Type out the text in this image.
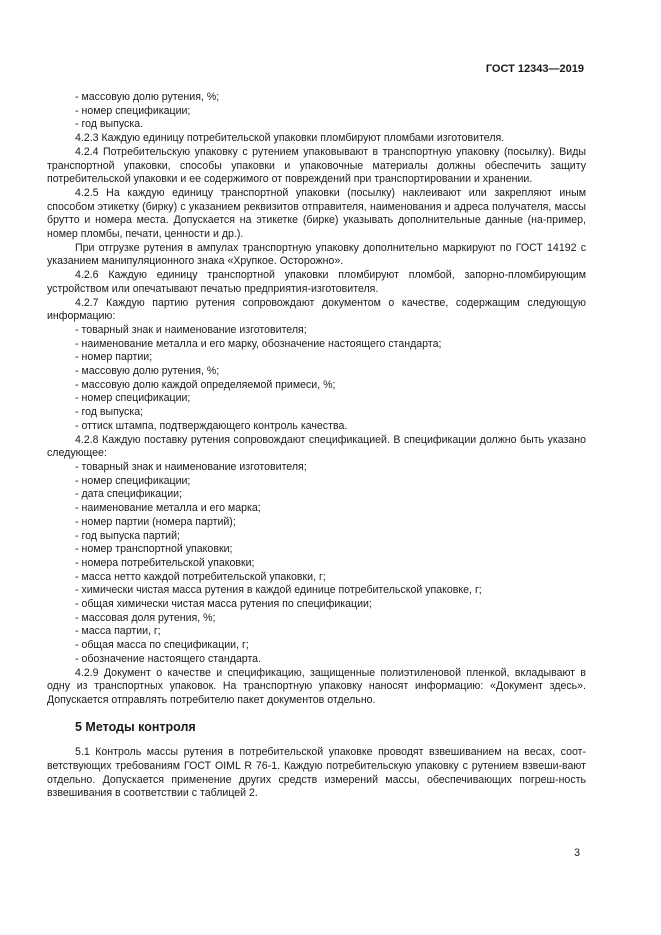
ГОСТ 12343—2019
- массовую долю рутения, %;
- номер спецификации;
- год выпуска.
4.2.3 Каждую единицу потребительской упаковки пломбируют пломбами изготовителя.
4.2.4 Потребительскую упаковку с рутением упаковывают в транспортную упаковку (посылку). Виды транспортной упаковки, способы упаковки и упаковочные материалы должны обеспечить защиту потребительской упаковки и ее содержимого от повреждений при транспортировании и хранении.
4.2.5 На каждую единицу транспортной упаковки (посылку) наклеивают или закрепляют иным способом этикетку (бирку) с указанием реквизитов отправителя, наименования и адреса получателя, массы брутто и номера места. Допускается на этикетке (бирке) указывать дополнительные данные (на-пример, номер пломбы, печати, ценности и др.).
При отгрузке рутения в ампулах транспортную упаковку дополнительно маркируют по ГОСТ 14192 с указанием манипуляционного знака «Хрупкое. Осторожно».
4.2.6 Каждую единицу транспортной упаковки пломбируют пломбой, запорно-пломбирующим устройством или опечатывают печатью предприятия-изготовителя.
4.2.7 Каждую партию рутения сопровождают документом о качестве, содержащим следующую информацию:
- товарный знак и наименование изготовителя;
- наименование металла и его марку, обозначение настоящего стандарта;
- номер партии;
- массовую долю рутения, %;
- массовую долю каждой определяемой примеси, %;
- номер спецификации;
- год выпуска;
- оттиск штампа, подтверждающего контроль качества.
4.2.8 Каждую поставку рутения сопровождают спецификацией. В спецификации должно быть указано следующее:
- товарный знак и наименование изготовителя;
- номер спецификации;
- дата спецификации;
- наименование металла и его марка;
- номер партии (номера партий);
- год выпуска партий;
- номер транспортной упаковки;
- номера потребительской упаковки;
- масса нетто каждой потребительской упаковки, г;
- химически чистая масса рутения в каждой единице потребительской упаковке, г;
- общая химически чистая масса рутения по спецификации;
- массовая доля рутения, %;
- масса партии, г;
- общая масса по спецификации, г;
- обозначение настоящего стандарта.
4.2.9 Документ о качестве и спецификацию, защищенные полиэтиленовой пленкой, вкладывают в одну из транспортных упаковок. На транспортную упаковку наносят информацию: «Документ здесь». Допускается отправлять потребителю пакет документов отдельно.
5 Методы контроля
5.1 Контроль массы рутения в потребительской упаковке проводят взвешиванием на весах, соот-ветствующих требованиям ГОСТ OIML R 76-1. Каждую потребительскую упаковку с рутением взвеши-вают отдельно. Допускается применение других средств измерений массы, обеспечивающих погреш-ность взвешивания в соответствии с таблицей 2.
3
